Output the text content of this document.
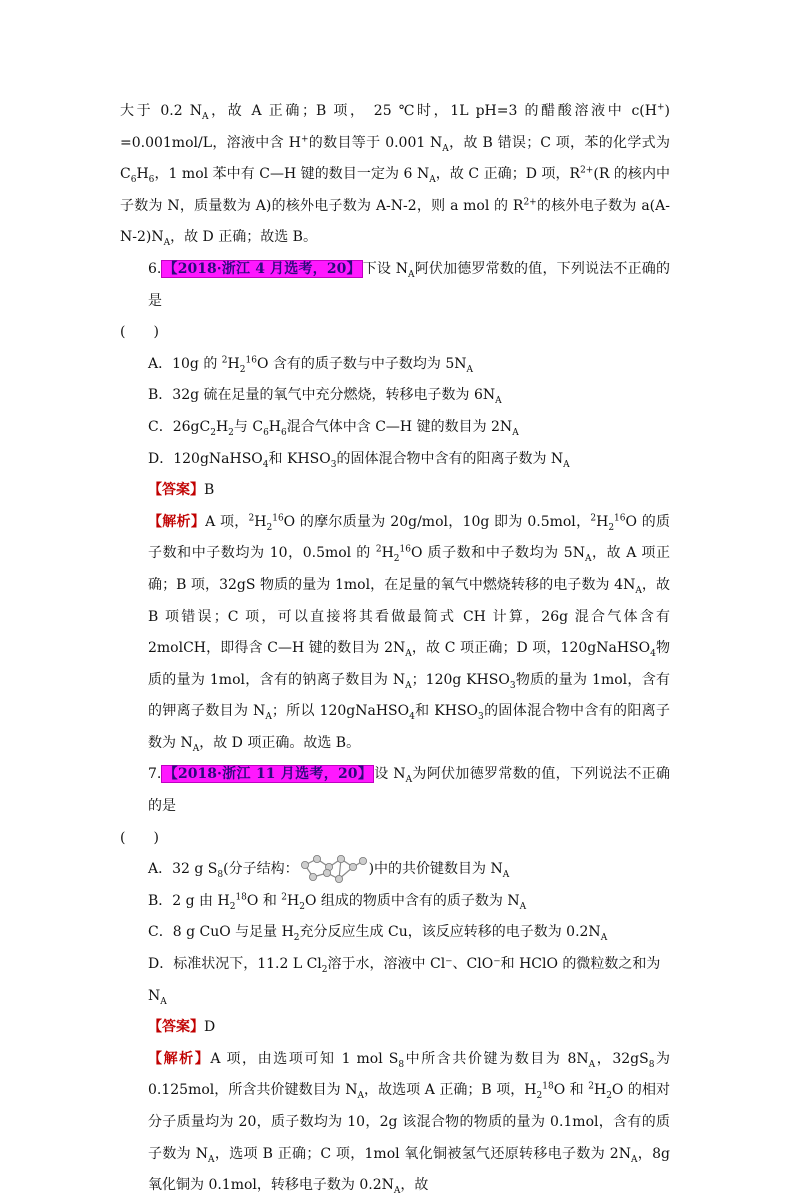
大于 0.2 $N_A$，故 A 正确；B 项， 25 ℃时，1L pH=3 的醋酸溶液中 c(H+) =0.001mol/L，溶液中含 H+的数目等于 0.001 $N_A$，故 B 错误；C 项，苯的化学式为 $C_6H_6$，1 mol 苯中有 C—H 键的数目一定为 6 $N_A$，故 C 正确；D 项，$R^{2+}(R$ 的核内中子数为 N，质量数为 A)的核外电子数为 A-N-2，则 a mol 的 $R^{2+}$的核外电子数为 $a(A-N-2)N_A$，故 D 正确；故选 B。

6. 【2018·浙江 4 月选考，20】 下设 $N_A$阿伏加德罗常数的值，下列说法不正确的是

(　　)

A．10g 的 $^2H_2^{16}O$ 含有的质子数与中子数均为 $5N_A$

B．32g 硫在足量的氧气中充分燃烧，转移电子数为 $6N_A$

C．$26gC_2H_2$与 $C_6H_6$混合气体中含 C—H 键的数目为 $2N_A$

D．120gNaHSO$_4$和 $KHSO_3$的固体混合物中含有的阳离子数为 $N_A$

【答案】B

【解析】A 项，$^2H_2^{16}O$ 的摩尔质量为 20g/mol，10g 即为 0.5mol，$^2H_2^{16}O$ 的质子数和中子数均为 10，0.5mol 的 $^2H_2^{16}O$ 质子数和中子数均为 $5N_A$，故 A 项正确；B 项，32gS 物质的量为 1mol，在足量的氧气中燃烧转移的电子数为 $4N_A$，故 B 项错误；C 项，可以直接将其看做最简式 CH 计算，26g 混合气体含有 2molCH，即得含 C—H 键的数目为 $2N_A$，故 C 项正确；D 项，120gNaHSO$_4$物质的量为 1mol，含有的钠离子数目为 $N_A$；120g $KHSO_3$物质的量为 1mol，含有的钾离子数目为 $N_A$；所以 120gNaHSO$_4$和 $KHSO_3$的固体混合物中含有的阳离子数为 $N_A$，故 D 项正确。故选 B。

7. 【2018·浙江 11 月选考，20】 设 $N_A$为阿伏加德罗常数的值，下列说法不正确的是

(　　)

A．32 g $S_8$(分子结构：	)中的共价键数目为 $N_A$

B．2 g 由 $H_2^{18}O$ 和 $^2H_2O$ 组成的物质中含有的质子数为 $N_A$

C．8 g CuO 与足量 $H_2$充分反应生成 Cu，该反应转移的电子数为 $0.2N_A$

D．标准状况下，11.2 L $Cl_2$溶于水，溶液中 Cl⁻、ClO⁻和 HClO 的微粒数之和为 $N_A$

【答案】D

【解析】A 项，由选项可知 1 mol $S_8$中所含共价键为数目为 $8N_A$，$32gS_8$为 0.125mol，所含共价键数目为 $N_A$，故选项 A 正确；B 项，$H_2^{18}O$ 和 $^2H_2O$ 的相对分子质量均为 20，质子数均为 10，2g 该混合物的物质的量为 0.1mol，含有的质子数为 $N_A$，选项 B 正确；C 项，1mol 氧化铜被氢气还原转移电子数为 $2N_A$，8g 氧化铜为 0.1mol，转移电子数为 $0.2N_A$，故
